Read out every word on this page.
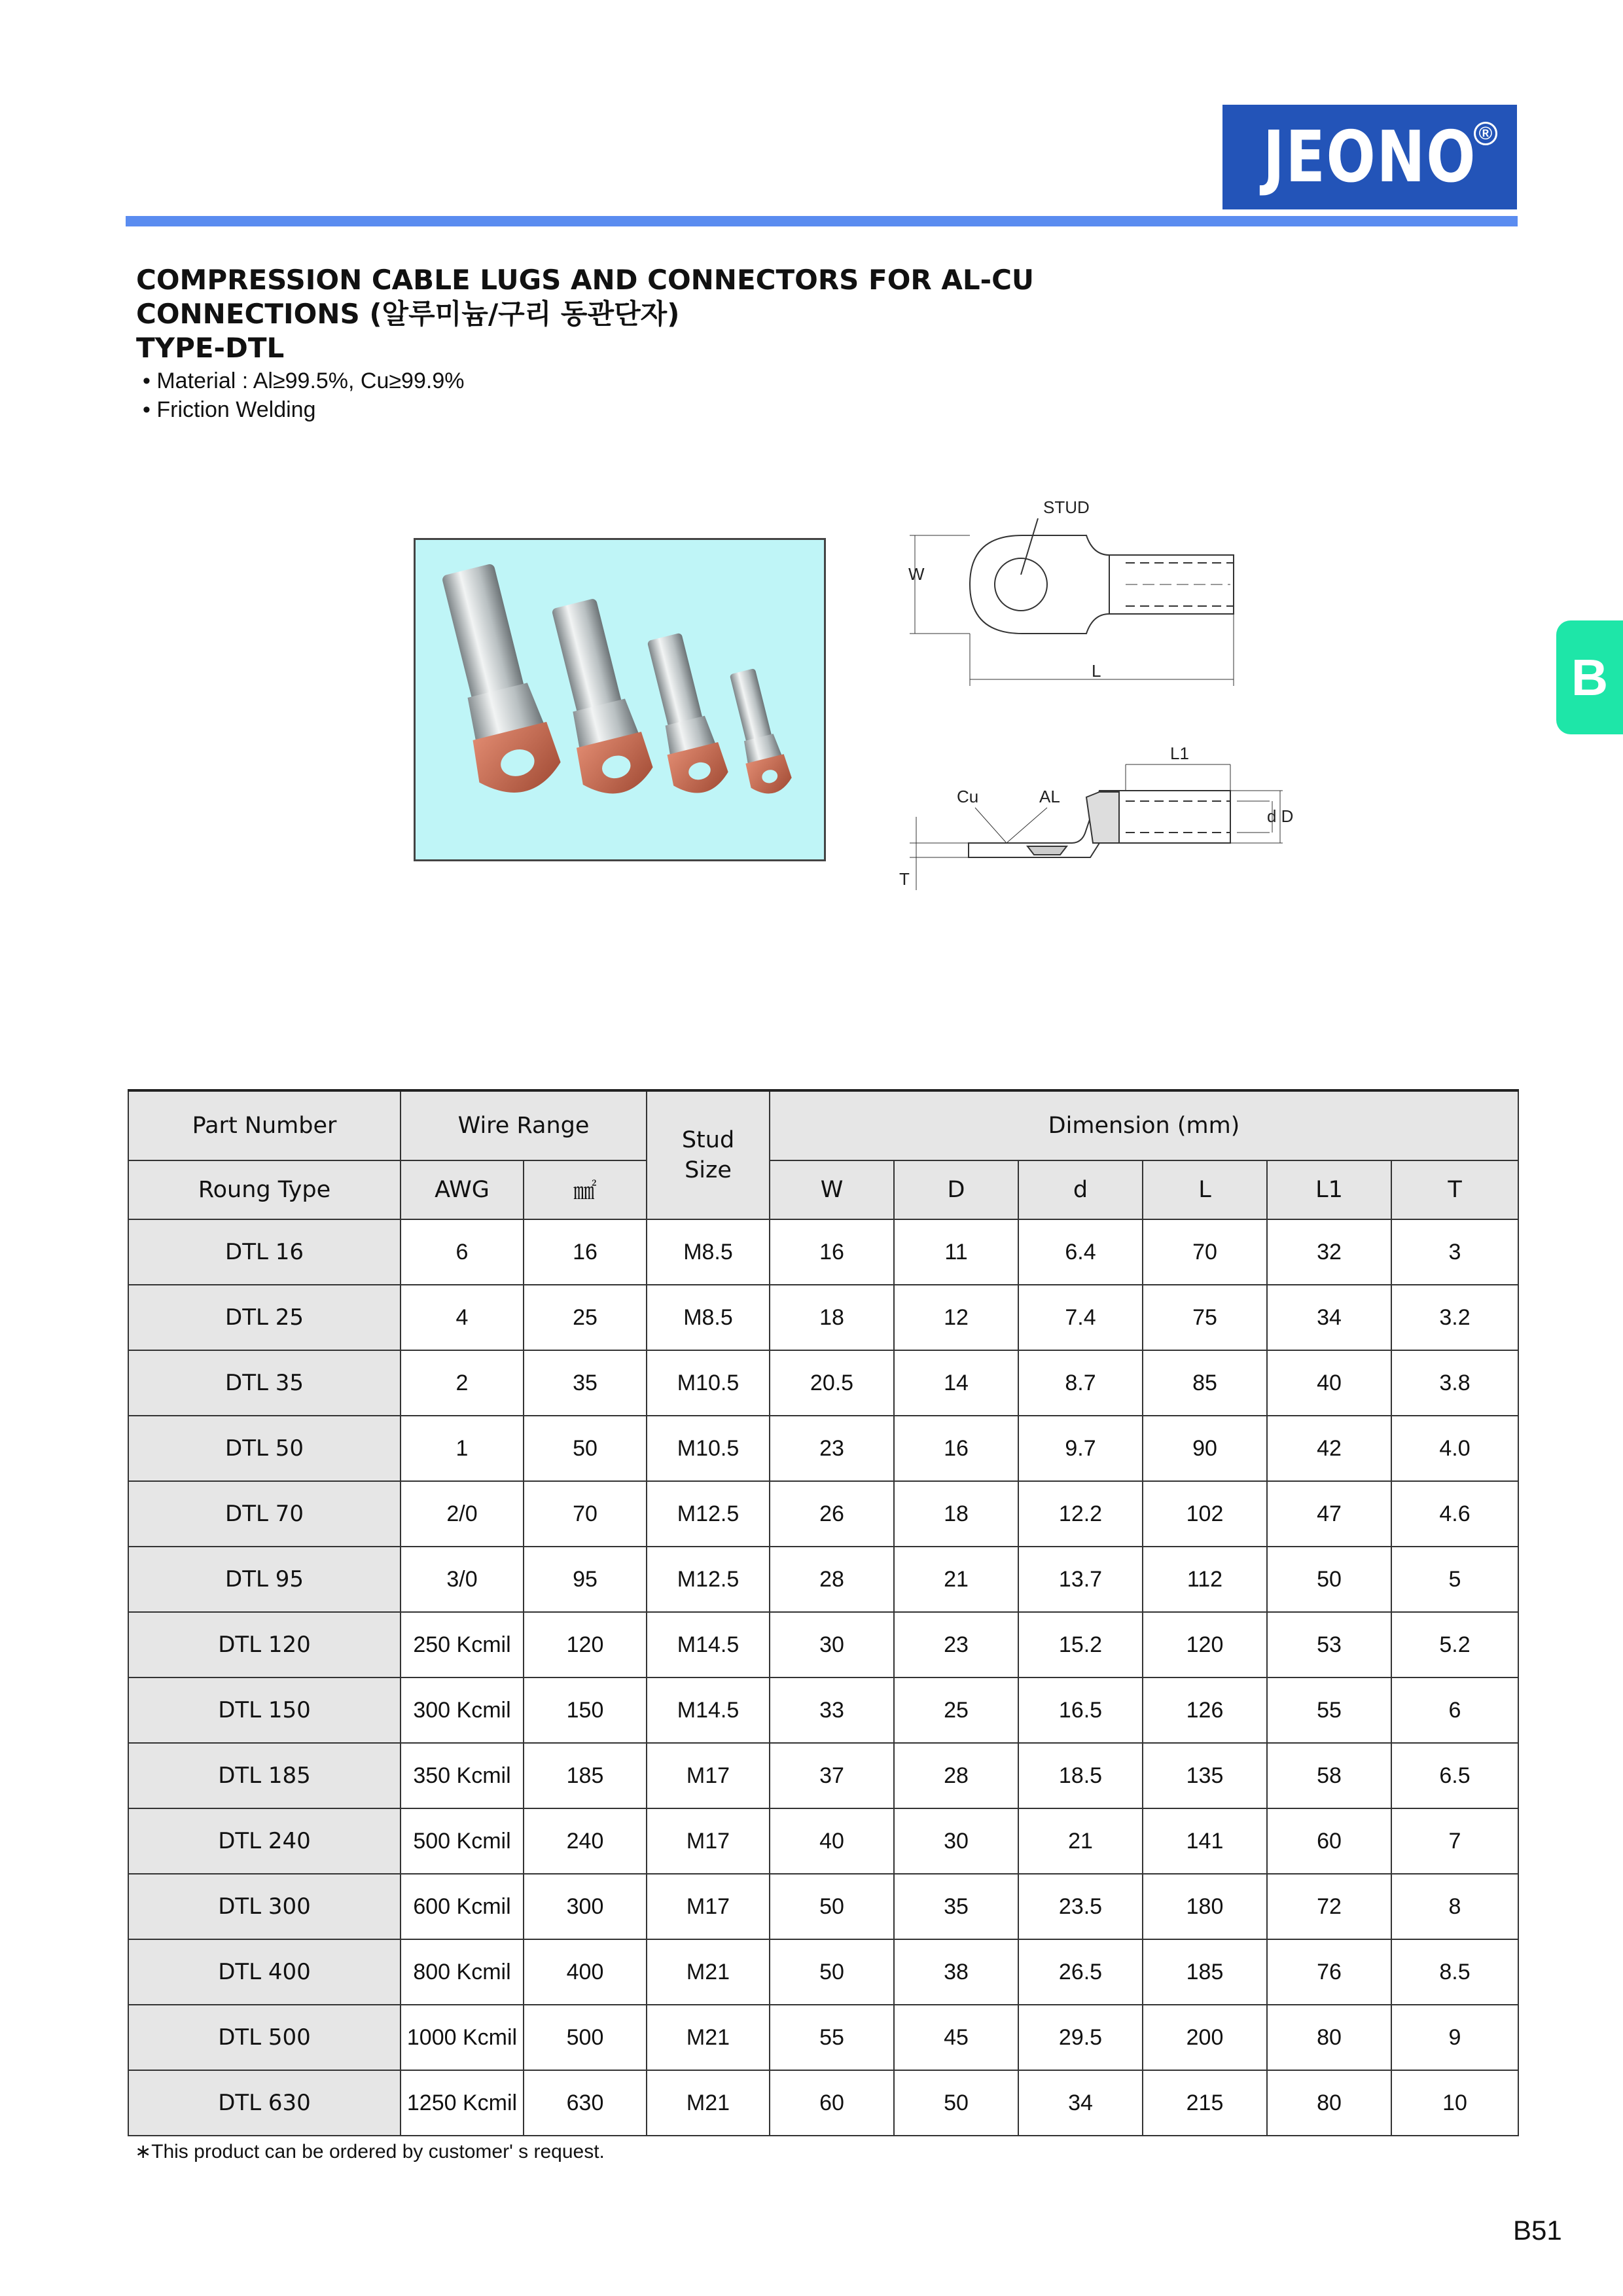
JEONO ®
COMPRESSION CABLE LUGS AND CONNECTORS FOR AL-CU
CONNECTIONS (알루미늄/구리 동관단자)
TYPE-DTL
• Material : Al≥99.5%, Cu≥99.9%
• Friction Welding
STUD
W
L
L1
Cu	AL
d D
T
B
Part Number	Wire Range		Stud Size	Dimension (mm)					
Roung Type	AWG	㎟		W	D	d	L	L1	T
DTL 16	6	16	M8.5	16	11	6.4	70	32	3
DTL 25	4	25	M8.5	18	12	7.4	75	34	3.2
DTL 35	2	35	M10.5	20.5	14	8.7	85	40	3.8
DTL 50	1	50	M10.5	23	16	9.7	90	42	4.0
DTL 70	2/0	70	M12.5	26	18	12.2	102	47	4.6
DTL 95	3/0	95	M12.5	28	21	13.7	112	50	5
DTL 120	250 Kcmil	120	M14.5	30	23	15.2	120	53	5.2
DTL 150	300 Kcmil	150	M14.5	33	25	16.5	126	55	6
DTL 185	350 Kcmil	185	M17	37	28	18.5	135	58	6.5
DTL 240	500 Kcmil	240	M17	40	30	21	141	60	7
DTL 300	600 Kcmil	300	M17	50	35	23.5	180	72	8
DTL 400	800 Kcmil	400	M21	50	38	26.5	185	76	8.5
DTL 500	1000 Kcmil	500	M21	55	45	29.5	200	80	9
DTL 630	1250 Kcmil	630	M21	60	50	34	215	80	10
∗This product can be ordered by customer' s request.
B51
